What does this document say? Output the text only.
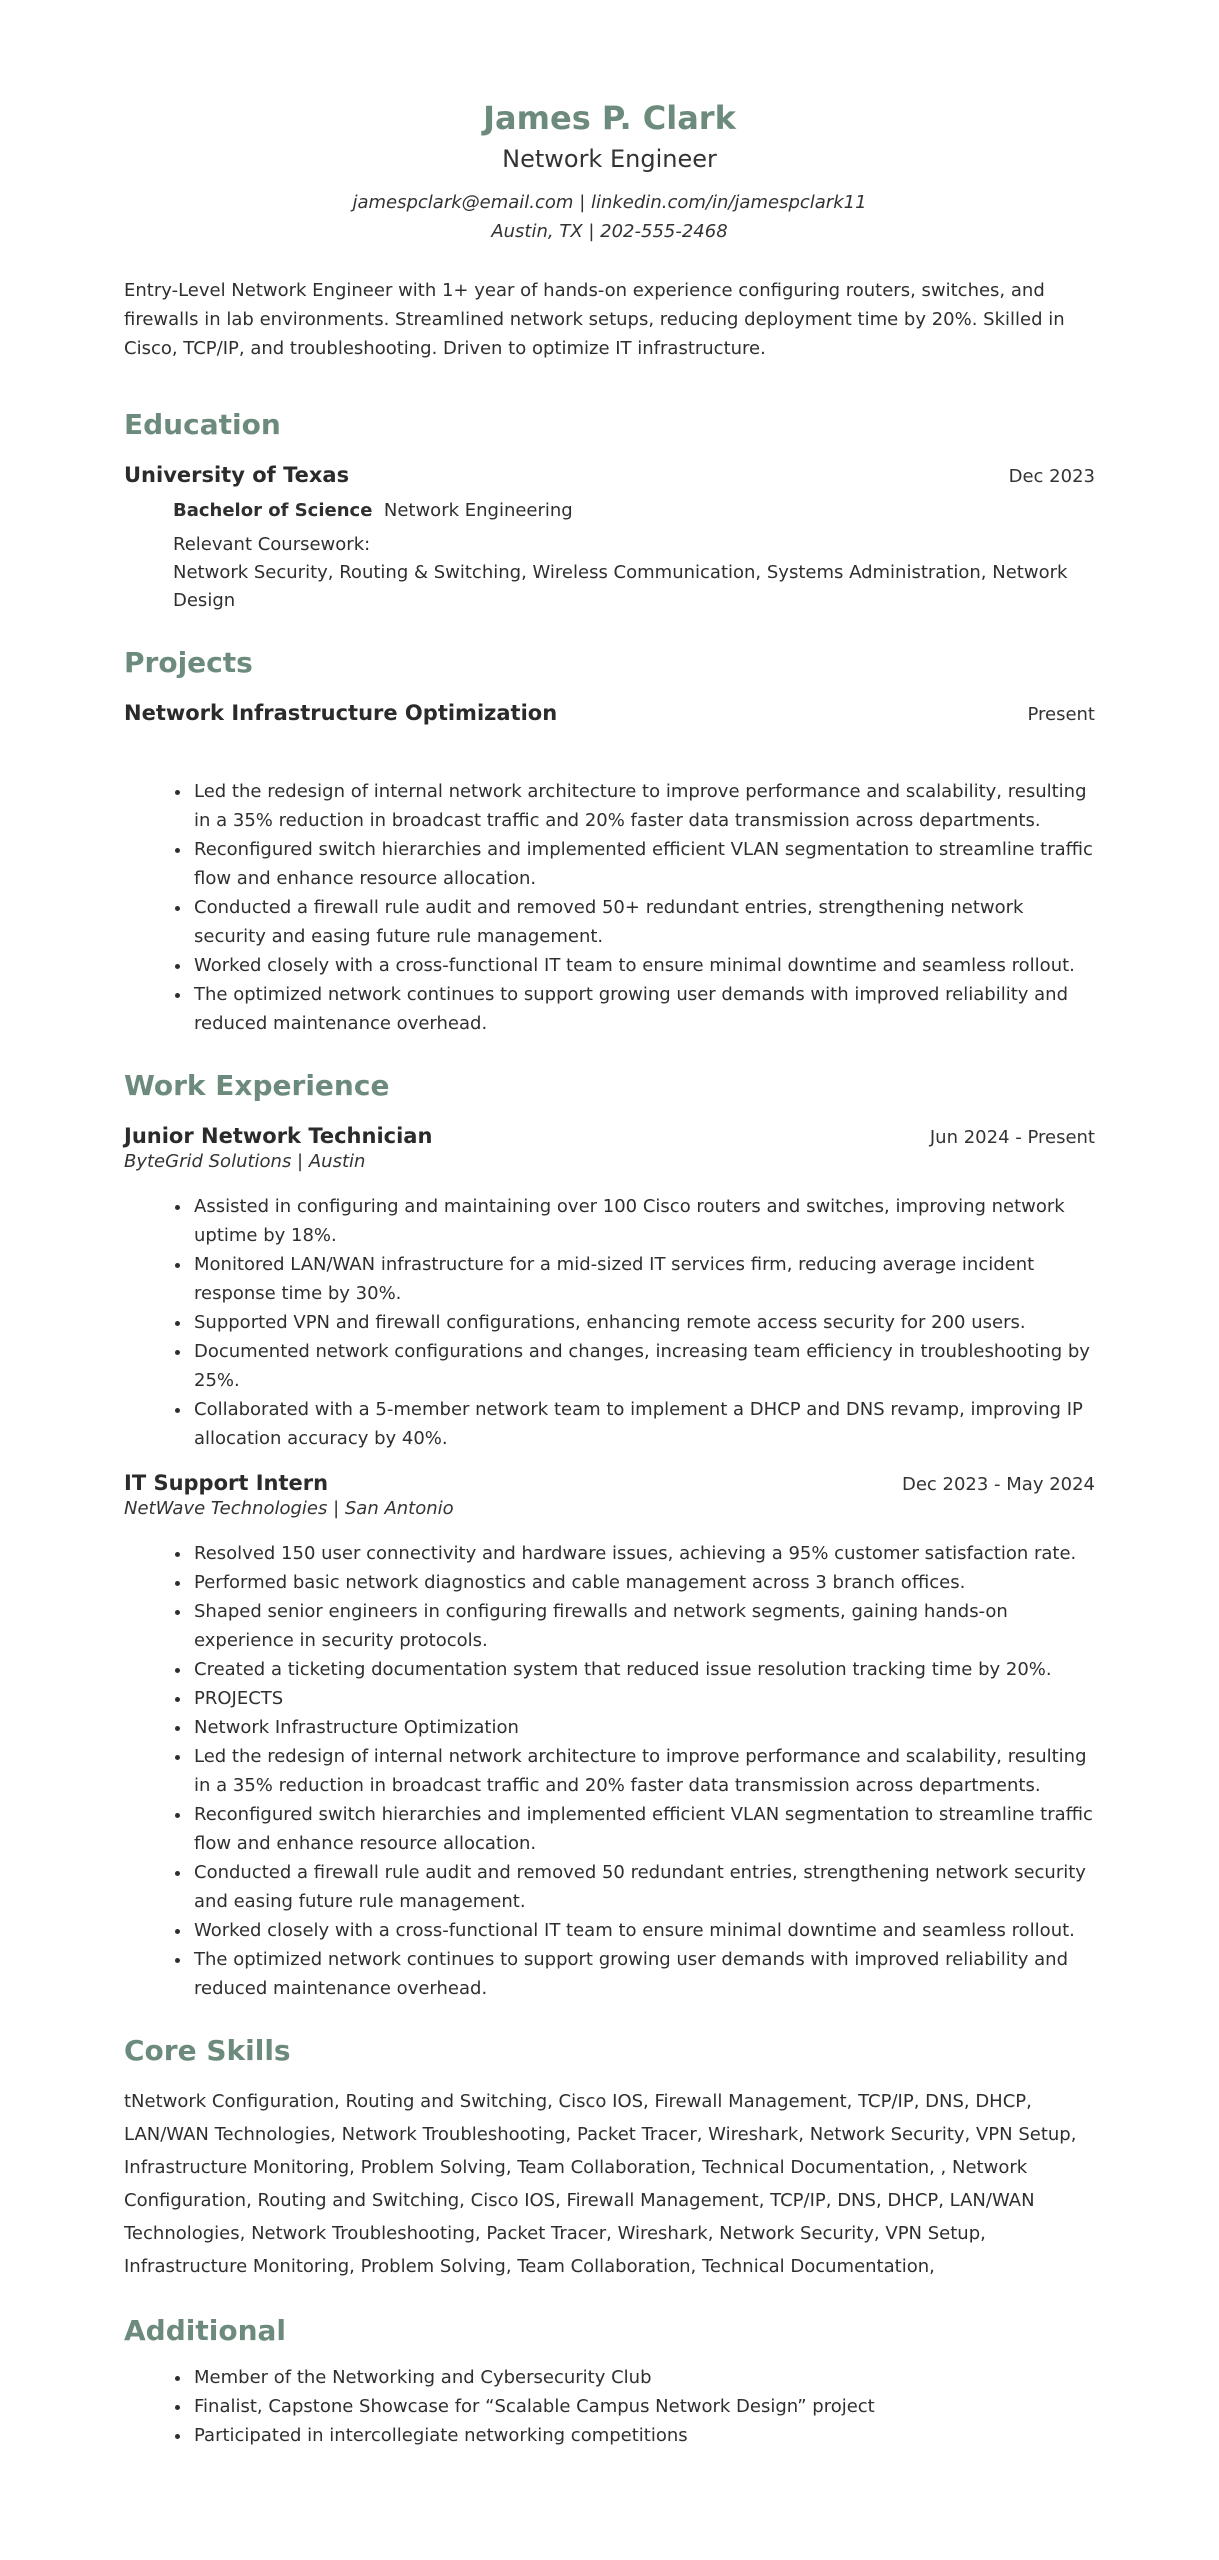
James P. Clark

Network Engineer

jamespclark@email.com | linkedin.com/in/jamespclark11

Austin, TX | 202-555-2468

Entry-Level Network Engineer with 1+ year of hands-on experience configuring routers, switches, and firewalls in lab environments. Streamlined network setups, reducing deployment time by 20%. Skilled in Cisco, TCP/IP, and troubleshooting. Driven to optimize IT infrastructure.
Education
University of Texas	Dec 2023
Bachelor of Science Network Engineering
Relevant Coursework:
Network Security, Routing & Switching, Wireless Communication, Systems Administration, Network Design
Projects
Network Infrastructure Optimization	Present
• Led the redesign of internal network architecture to improve performance and scalability, resulting in a 35% reduction in broadcast traffic and 20% faster data transmission across departments.
• Reconfigured switch hierarchies and implemented efficient VLAN segmentation to streamline traffic flow and enhance resource allocation.
• Conducted a firewall rule audit and removed 50+ redundant entries, strengthening network security and easing future rule management.
• Worked closely with a cross-functional IT team to ensure minimal downtime and seamless rollout.
• The optimized network continues to support growing user demands with improved reliability and reduced maintenance overhead.
Work Experience
Junior Network Technician	Jun 2024 - Present
ByteGrid Solutions | Austin
• Assisted in configuring and maintaining over 100 Cisco routers and switches, improving network uptime by 18%.
• Monitored LAN/WAN infrastructure for a mid-sized IT services firm, reducing average incident response time by 30%.
• Supported VPN and firewall configurations, enhancing remote access security for 200 users.
• Documented network configurations and changes, increasing team efficiency in troubleshooting by 25%.
• Collaborated with a 5-member network team to implement a DHCP and DNS revamp, improving IP allocation accuracy by 40%.
IT Support Intern	Dec 2023 - May 2024
NetWave Technologies | San Antonio
• Resolved 150 user connectivity and hardware issues, achieving a 95% customer satisfaction rate.
• Performed basic network diagnostics and cable management across 3 branch offices.
• Shaped senior engineers in configuring firewalls and network segments, gaining hands-on experience in security protocols.
• Created a ticketing documentation system that reduced issue resolution tracking time by 20%.
• PROJECTS
• Network Infrastructure Optimization
• Led the redesign of internal network architecture to improve performance and scalability, resulting in a 35% reduction in broadcast traffic and 20% faster data transmission across departments.
• Reconfigured switch hierarchies and implemented efficient VLAN segmentation to streamline traffic flow and enhance resource allocation.
• Conducted a firewall rule audit and removed 50 redundant entries, strengthening network security and easing future rule management.
• Worked closely with a cross-functional IT team to ensure minimal downtime and seamless rollout.
• The optimized network continues to support growing user demands with improved reliability and reduced maintenance overhead.
Core Skills

tNetwork Configuration, Routing and Switching, Cisco IOS, Firewall Management, TCP/IP, DNS, DHCP, LAN/WAN Technologies, Network Troubleshooting, Packet Tracer, Wireshark, Network Security, VPN Setup, Infrastructure Monitoring, Problem Solving, Team Collaboration, Technical Documentation, , Network Configuration, Routing and Switching, Cisco IOS, Firewall Management, TCP/IP, DNS, DHCP, LAN/WAN Technologies, Network Troubleshooting, Packet Tracer, Wireshark, Network Security, VPN Setup, Infrastructure Monitoring, Problem Solving, Team Collaboration, Technical Documentation,

Additional
• Member of the Networking and Cybersecurity Club
• Finalist, Capstone Showcase for “Scalable Campus Network Design” project
• Participated in intercollegiate networking competitions
